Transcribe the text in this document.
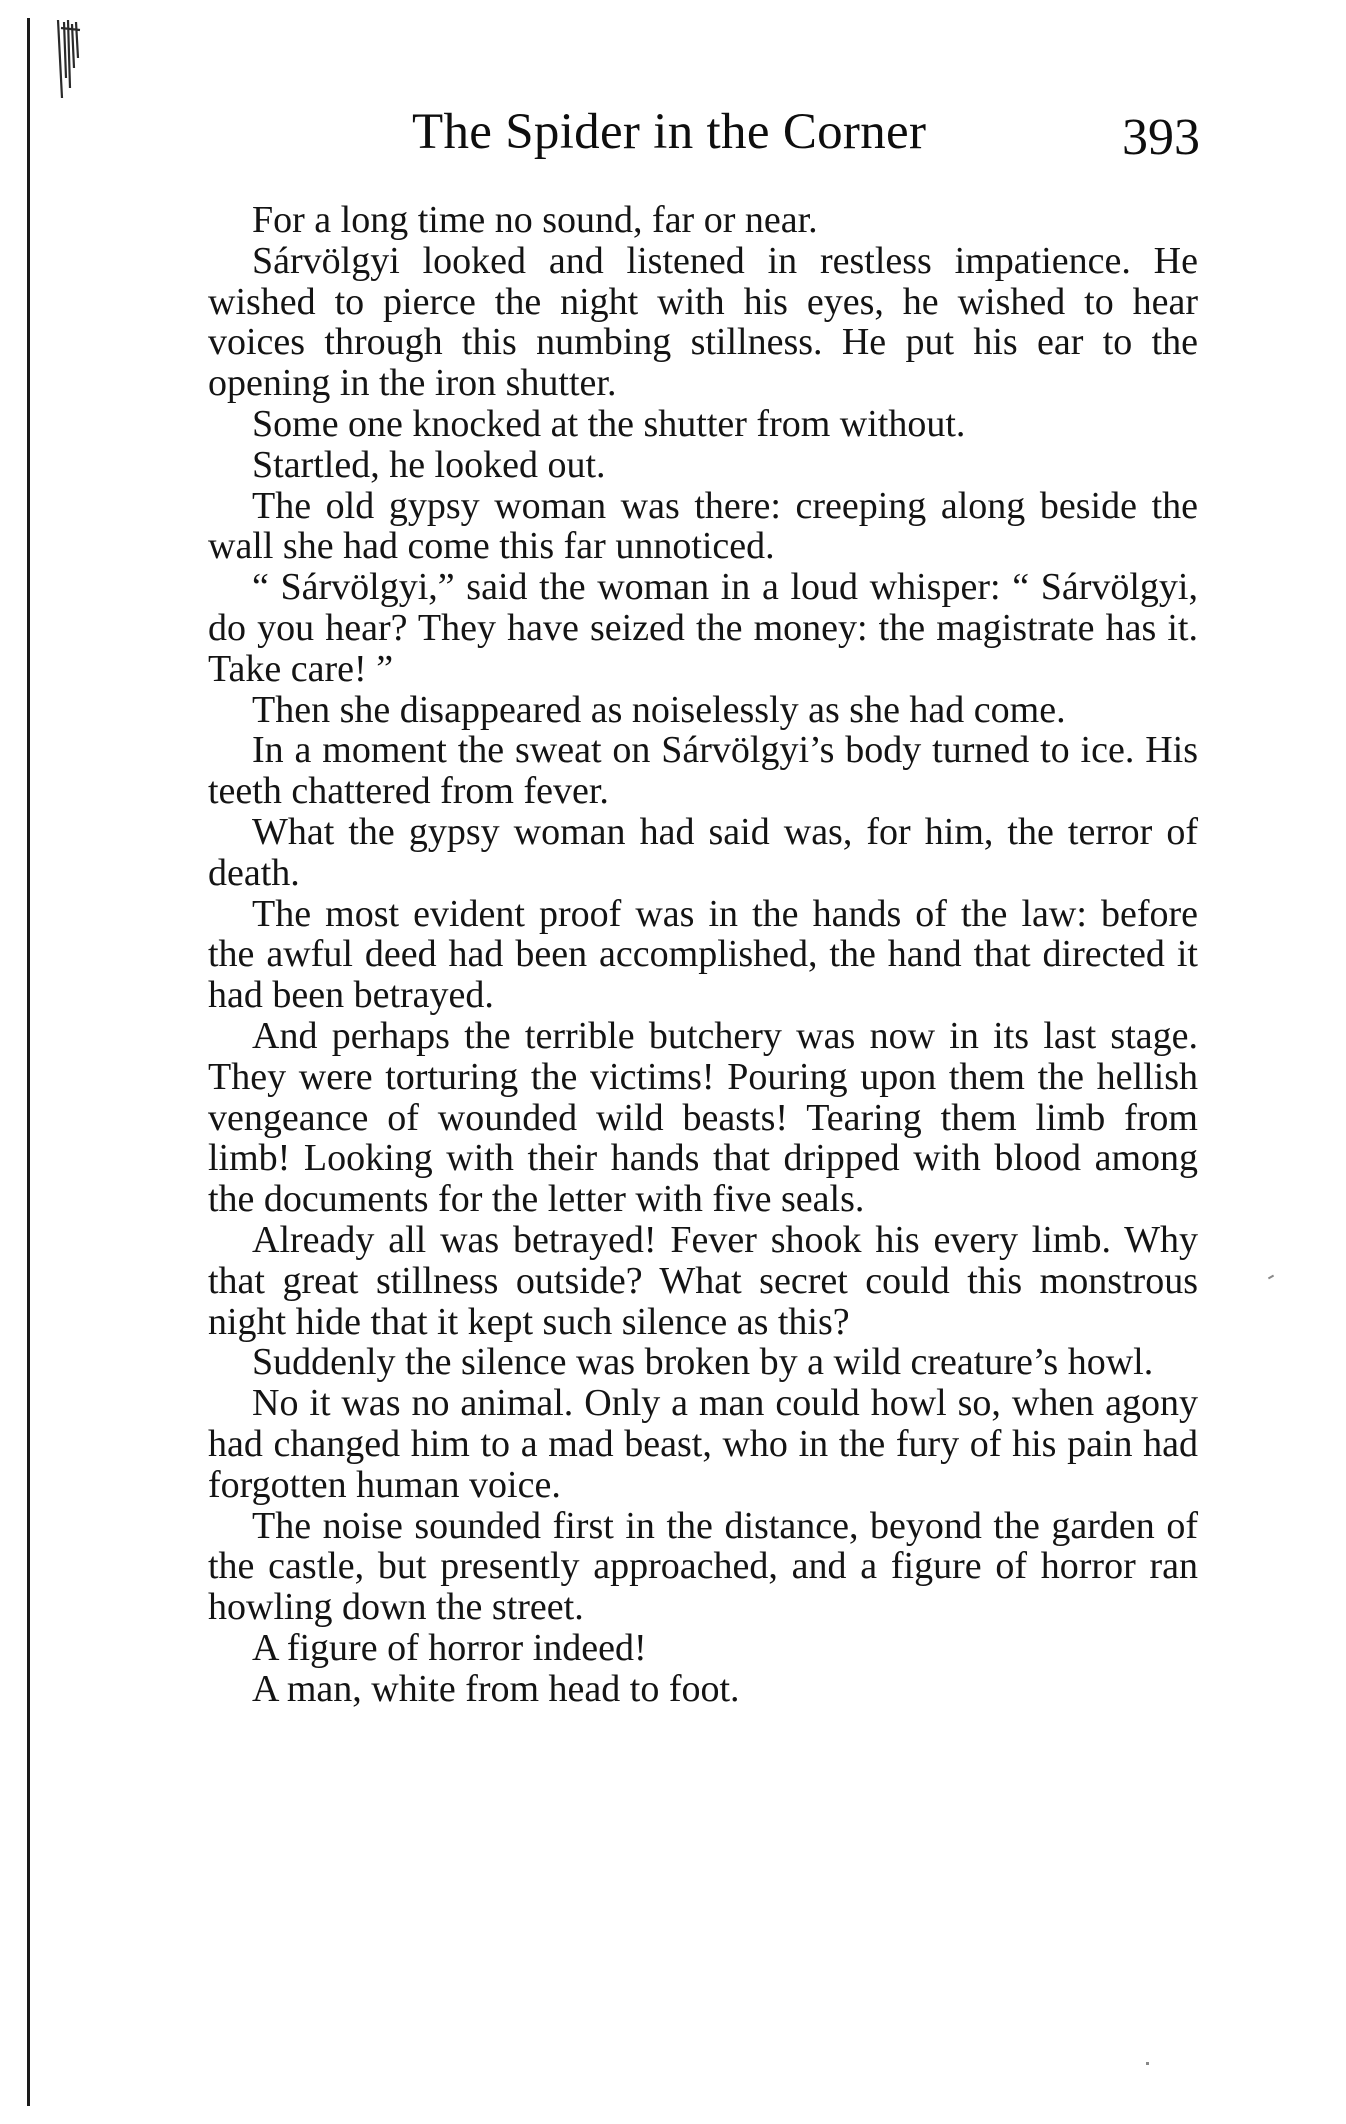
The Spider in the Corner	393

For a long time no sound, far or near.

Sárvölgyi looked and listened in restless impatience. He wished to pierce the night with his eyes, he wished to hear voices through this numbing stillness. He put his ear to the opening in the iron shutter.

Some one knocked at the shutter from without.

Startled, he looked out.

The old gypsy woman was there: creeping along beside the wall she had come this far unnoticed.

“ Sárvölgyi,” said the woman in a loud whisper: “ Sárvölgyi, do you hear? They have seized the money: the magistrate has it. Take care! ”

Then she disappeared as noiselessly as she had come.

In a moment the sweat on Sárvölgyi’s body turned to ice. His teeth chattered from fever.

What the gypsy woman had said was, for him, the terror of death.

The most evident proof was in the hands of the law: before the awful deed had been accomplished, the hand that directed it had been betrayed.

And perhaps the terrible butchery was now in its last stage. They were torturing the victims! Pouring upon them the hellish vengeance of wounded wild beasts! Tearing them limb from limb! Looking with their hands that dripped with blood among the documents for the letter with five seals.

Already all was betrayed! Fever shook his every limb. Why that great stillness outside? What secret could this monstrous night hide that it kept such silence as this?

Suddenly the silence was broken by a wild creature’s howl.

No it was no animal. Only a man could howl so, when agony had changed him to a mad beast, who in the fury of his pain had forgotten human voice.

The noise sounded first in the distance, beyond the garden of the castle, but presently approached, and a figure of horror ran howling down the street.

A figure of horror indeed!

A man, white from head to foot.
